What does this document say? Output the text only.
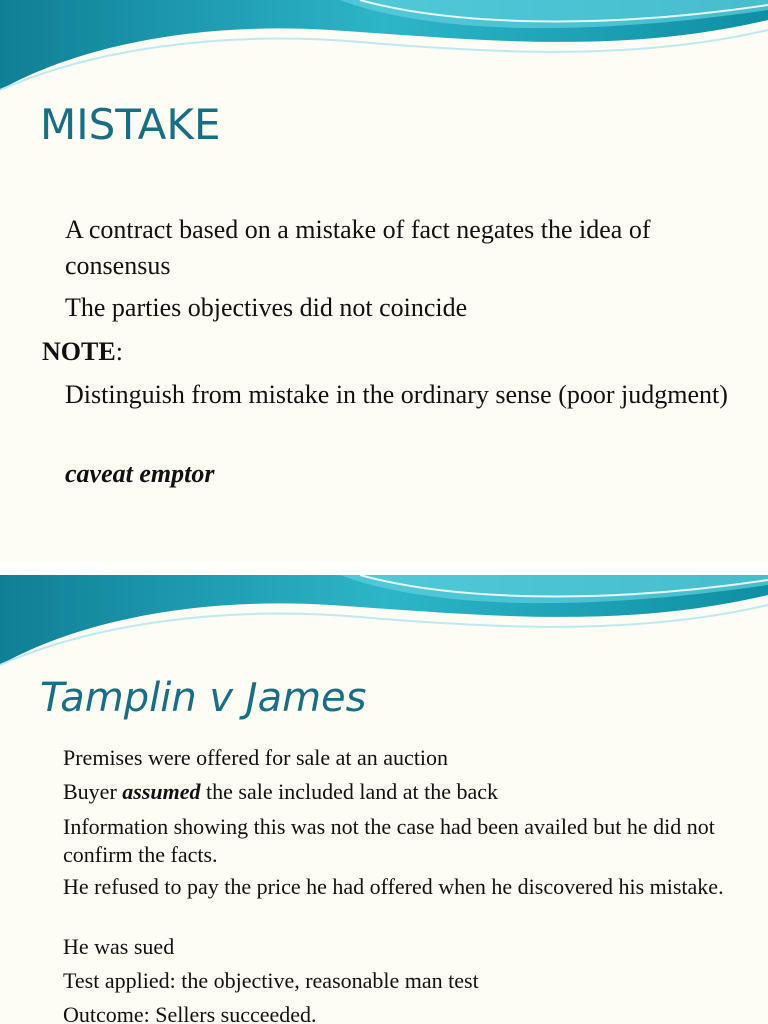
MISTAKE

A contract based on a mistake of fact negates the idea of consensus

The parties objectives did not coincide

NOTE:

Distinguish from mistake in the ordinary sense (poor judgment)

caveat emptor

Tamplin v James

Premises were offered for sale at an auction

Buyer assumed the sale included land at the back

Information showing this was not the case had been availed but he did not confirm the facts.

He refused to pay the price he had offered when he discovered his mistake.

He was sued

Test applied: the objective, reasonable man test

Outcome: Sellers succeeded.
